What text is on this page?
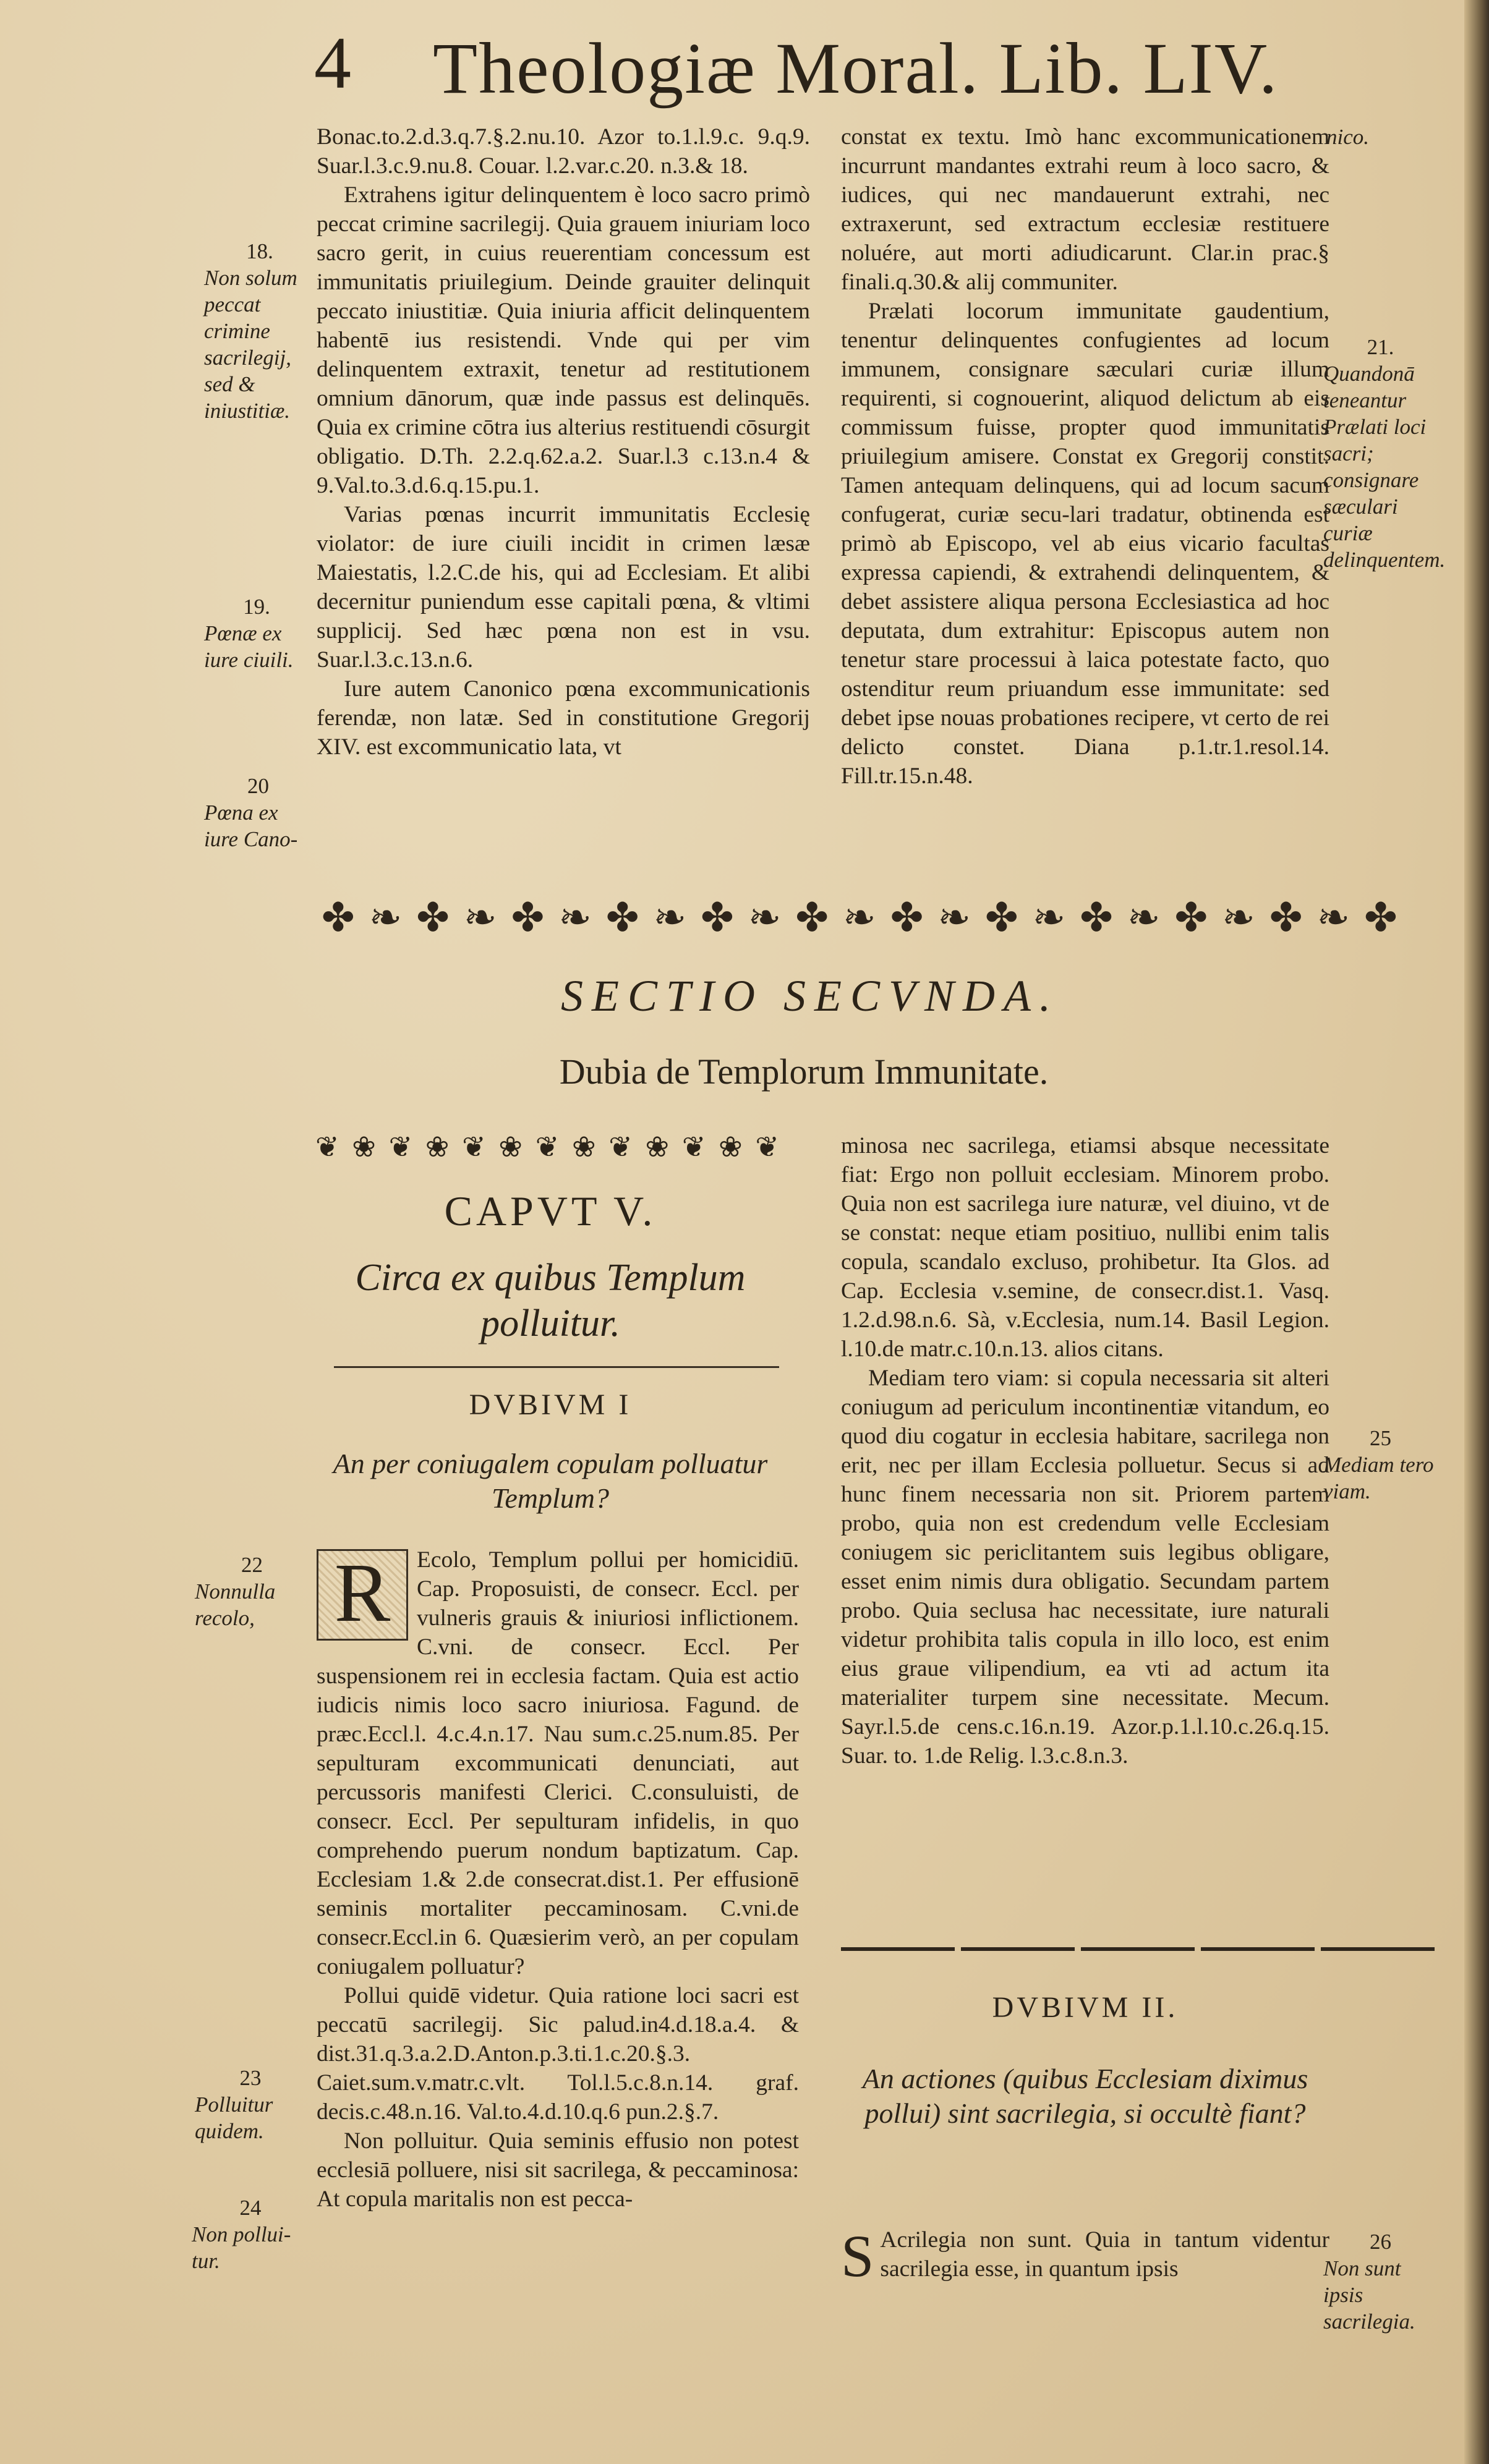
4 Theologiæ Moral. Lib. LIV.

Bonac.to.2.d.3.q.7.§.2.nu.10. Azor to.1.l.9.c. 9.q.9. Suar.l.3.c.9.nu.8. Couar. l.2.var.c.20. n.3.& 18.

Extrahens igitur delinquentem è loco sacro primò peccat crimine sacrilegij. Quia grauem iniuriam loco sacro gerit, in cuius reuerentiam concessum est immunitatis priuilegium. Deinde grauiter delinquit peccato iniustitiæ. Quia iniuria afficit delinquentem habentē ius resistendi. Vnde qui per vim delinquentem extraxit, tenetur ad restitutionem omnium dānorum, quæ inde passus est delinquēs. Quia ex crimine cōtra ius alterius restituendi cōsurgit obligatio. D.Th. 2.2.q.62.a.2. Suar.l.3 c.13.n.4 & 9.Val.to.3.d.6.q.15.pu.1.

Varias pœnas incurrit immunitatis Ecclesię violator: de iure ciuili incidit in crimen læsæ Maiestatis, l.2.C.de his, qui ad Ecclesiam. Et alibi decernitur puniendum esse capitali pœna, & vltimi supplicij. Sed hæc pœna non est in vsu. Suar.l.3.c.13.n.6.

Iure autem Canonico pœna excommunicationis ferendæ, non latæ. Sed in constitutione Gregorij XIV. est excommunicatio lata, vt

constat ex textu. Imò hanc excommunicationem incurrunt mandantes extrahi reum à loco sacro, & iudices, qui nec mandauerunt extrahi, nec extraxerunt, sed extractum ecclesiæ restituere noluére, aut morti adiudicarunt. Clar.in prac.§ finali.q.30.& alij communiter.

Prælati locorum immunitate gaudentium, tenentur delinquentes confugientes ad locum immunem, consignare sæculari curiæ illum requirenti, si cognouerint, aliquod delictum ab eis commissum fuisse, propter quod immunitatis priuilegium amisere. Constat ex Gregorij constit. Tamen antequam delinquens, qui ad locum sacum confugerat, curiæ secu-lari tradatur, obtinenda est primò ab Episcopo, vel ab eius vicario facultas expressa capiendi, & extrahendi delinquentem, & debet assistere aliqua persona Ecclesiastica ad hoc deputata, dum extrahitur: Episcopus autem non tenetur stare processui à laica potestate facto, quo ostenditur reum priuandum esse immunitate: sed debet ipse nouas probationes recipere, vt certo de rei delicto constet. Diana p.1.tr.1.resol.14. Fill.tr.15.n.48.

18.
Non solum peccat crimine sacrilegij, sed & iniustitiæ.
19.
Pœnæ ex iure ciuili.
20
Pœna ex iure Cano-
22
Nonnulla recolo,
23
Polluitur quidem.
24
Non pollui-tur.
nico.
21.
Quandonā teneantur Prælati loci sacri; consignare sæculari curiæ delinquentem.
25
Mediam tero viam.
26
Non sunt ipsis sacrilegia.
✤ ❧ ✤ ❧ ✤ ❧ ✤ ❧ ✤ ❧ ✤ ❧ ✤ ❧ ✤ ❧ ✤ ❧ ✤ ❧ ✤ ❧ ✤
SECTIO SECVNDA.
Dubia de Templorum Immunitate.
❦ ❀ ❦ ❀ ❦ ❀ ❦ ❀ ❦ ❀ ❦ ❀ ❦
CAPVT V.
Circa ex quibus Templum polluitur.
DVBIVM I
An per coniugalem copulam polluatur Templum?

R	Ecolo, Templum pollui per homicidiū. Cap. Proposuisti, de consecr. Eccl. per vulneris grauis & iniuriosi inflictionem. C.vni. de consecr. Eccl. Per suspensionem rei in ecclesia factam. Quia est actio iudicis nimis loco sacro iniuriosa. Fagund. de præc.Eccl.l. 4.c.4.n.17. Nau sum.c.25.num.85. Per sepulturam excommunicati denunciati, aut percussoris manifesti Clerici. C.consuluisti, de consecr. Eccl. Per sepulturam infidelis, in quo comprehendo puerum nondum baptizatum. Cap. Ecclesiam 1.& 2.de consecrat.dist.1. Per effusionē seminis mortaliter peccaminosam. C.vni.de consecr.Eccl.in 6. Quæsierim verò, an per copulam coniugalem polluatur?

Pollui quidē videtur. Quia ratione loci sacri est peccatū sacrilegij. Sic palud.in4.d.18.a.4. & dist.31.q.3.a.2.D.Anton.p.3.ti.1.c.20.§.3. Caiet.sum.v.matr.c.vlt. Tol.l.5.c.8.n.14. graf. decis.c.48.n.16. Val.to.4.d.10.q.6 pun.2.§.7.

Non polluitur. Quia seminis effusio non potest ecclesiā polluere, nisi sit sacrilega, & peccaminosa: At copula maritalis non est pecca-

minosa nec sacrilega, etiamsi absque necessitate fiat: Ergo non polluit ecclesiam. Minorem probo. Quia non est sacrilega iure naturæ, vel diuino, vt de se constat: neque etiam positiuo, nullibi enim talis copula, scandalo excluso, prohibetur. Ita Glos. ad Cap. Ecclesia v.semine, de consecr.dist.1. Vasq. 1.2.d.98.n.6. Sà, v.Ecclesia, num.14. Basil Legion. l.10.de matr.c.10.n.13. alios citans.

Mediam tero viam: si copula necessaria sit alteri coniugum ad periculum incontinentiæ vitandum, eo quod diu cogatur in ecclesia habitare, sacrilega non erit, nec per illam Ecclesia polluetur. Secus si ad hunc finem necessaria non sit. Priorem partem probo, quia non est credendum velle Ecclesiam coniugem sic periclitantem suis legibus obligare, esset enim nimis dura obligatio. Secundam partem probo. Quia seclusa hac necessitate, iure naturali videtur prohibita talis copula in illo loco, est enim eius graue vilipendium, ea vti ad actum ita materialiter turpem sine necessitate. Mecum. Sayr.l.5.de cens.c.16.n.19. Azor.p.1.l.10.c.26.q.15. Suar. to. 1.de Relig. l.3.c.8.n.3.

DVBIVM II.
An actiones (quibus Ecclesiam diximus pollui) sint sacrilegia, si occultè fiant?

S Acrilegia non sunt. Quia in tantum videntur sacrilegia esse, in quantum ipsis
